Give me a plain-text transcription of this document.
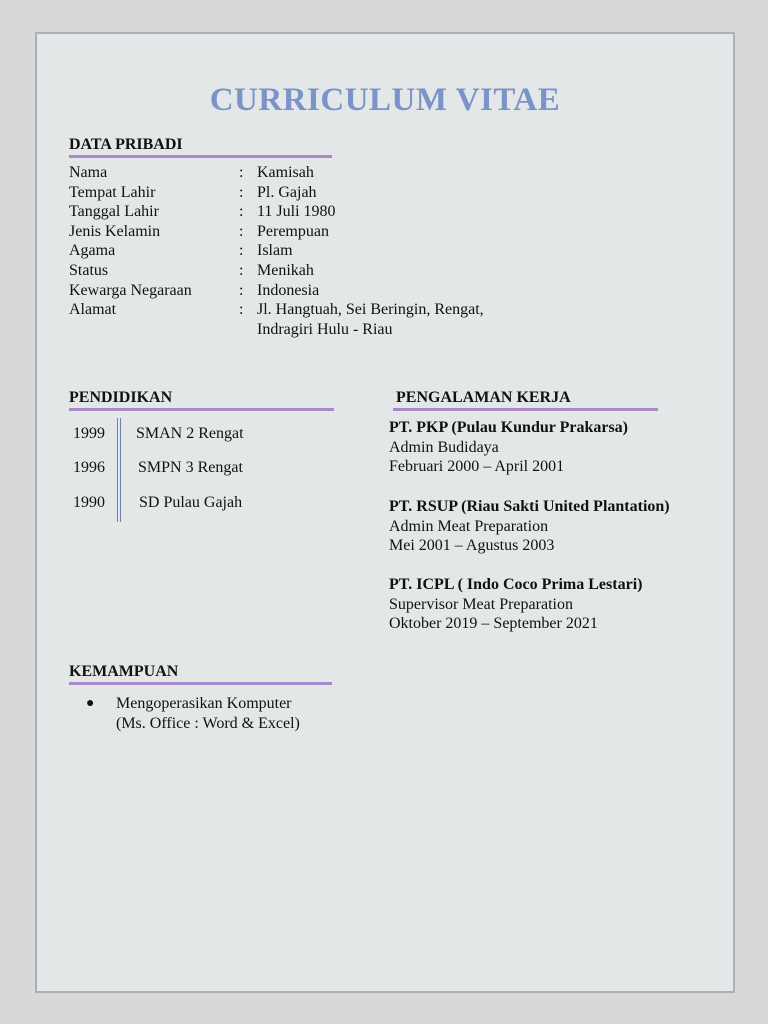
CURRICULUM VITAE
DATA PRIBADI
Nama	: Kamisah
Tempat Lahir	: Pl. Gajah
Tanggal Lahir	: 11 Juli 1980
Jenis Kelamin	: Perempuan
Agama	: Islam
Status	: Menikah
Kewarga Negaraan	: Indonesia
Alamat	: Jl. Hangtuah, Sei Beringin, Rengat,
Indragiri Hulu - Riau
PENDIDIKAN
1999 SMAN 2 Rengat
1996 SMPN 3 Rengat
1990 SD Pulau Gajah
PENGALAMAN KERJA
PT. PKP (Pulau Kundur Prakarsa)
Admin Budidaya
Februari 2000 – April 2001
PT. RSUP (Riau Sakti United Plantation)
Admin Meat Preparation
Mei 2001 – Agustus 2003
PT. ICPL ( Indo Coco Prima Lestari)
Supervisor Meat Preparation
Oktober 2019 – September 2021
KEMAMPUAN
● Mengoperasikan Komputer
(Ms. Office : Word & Excel)
